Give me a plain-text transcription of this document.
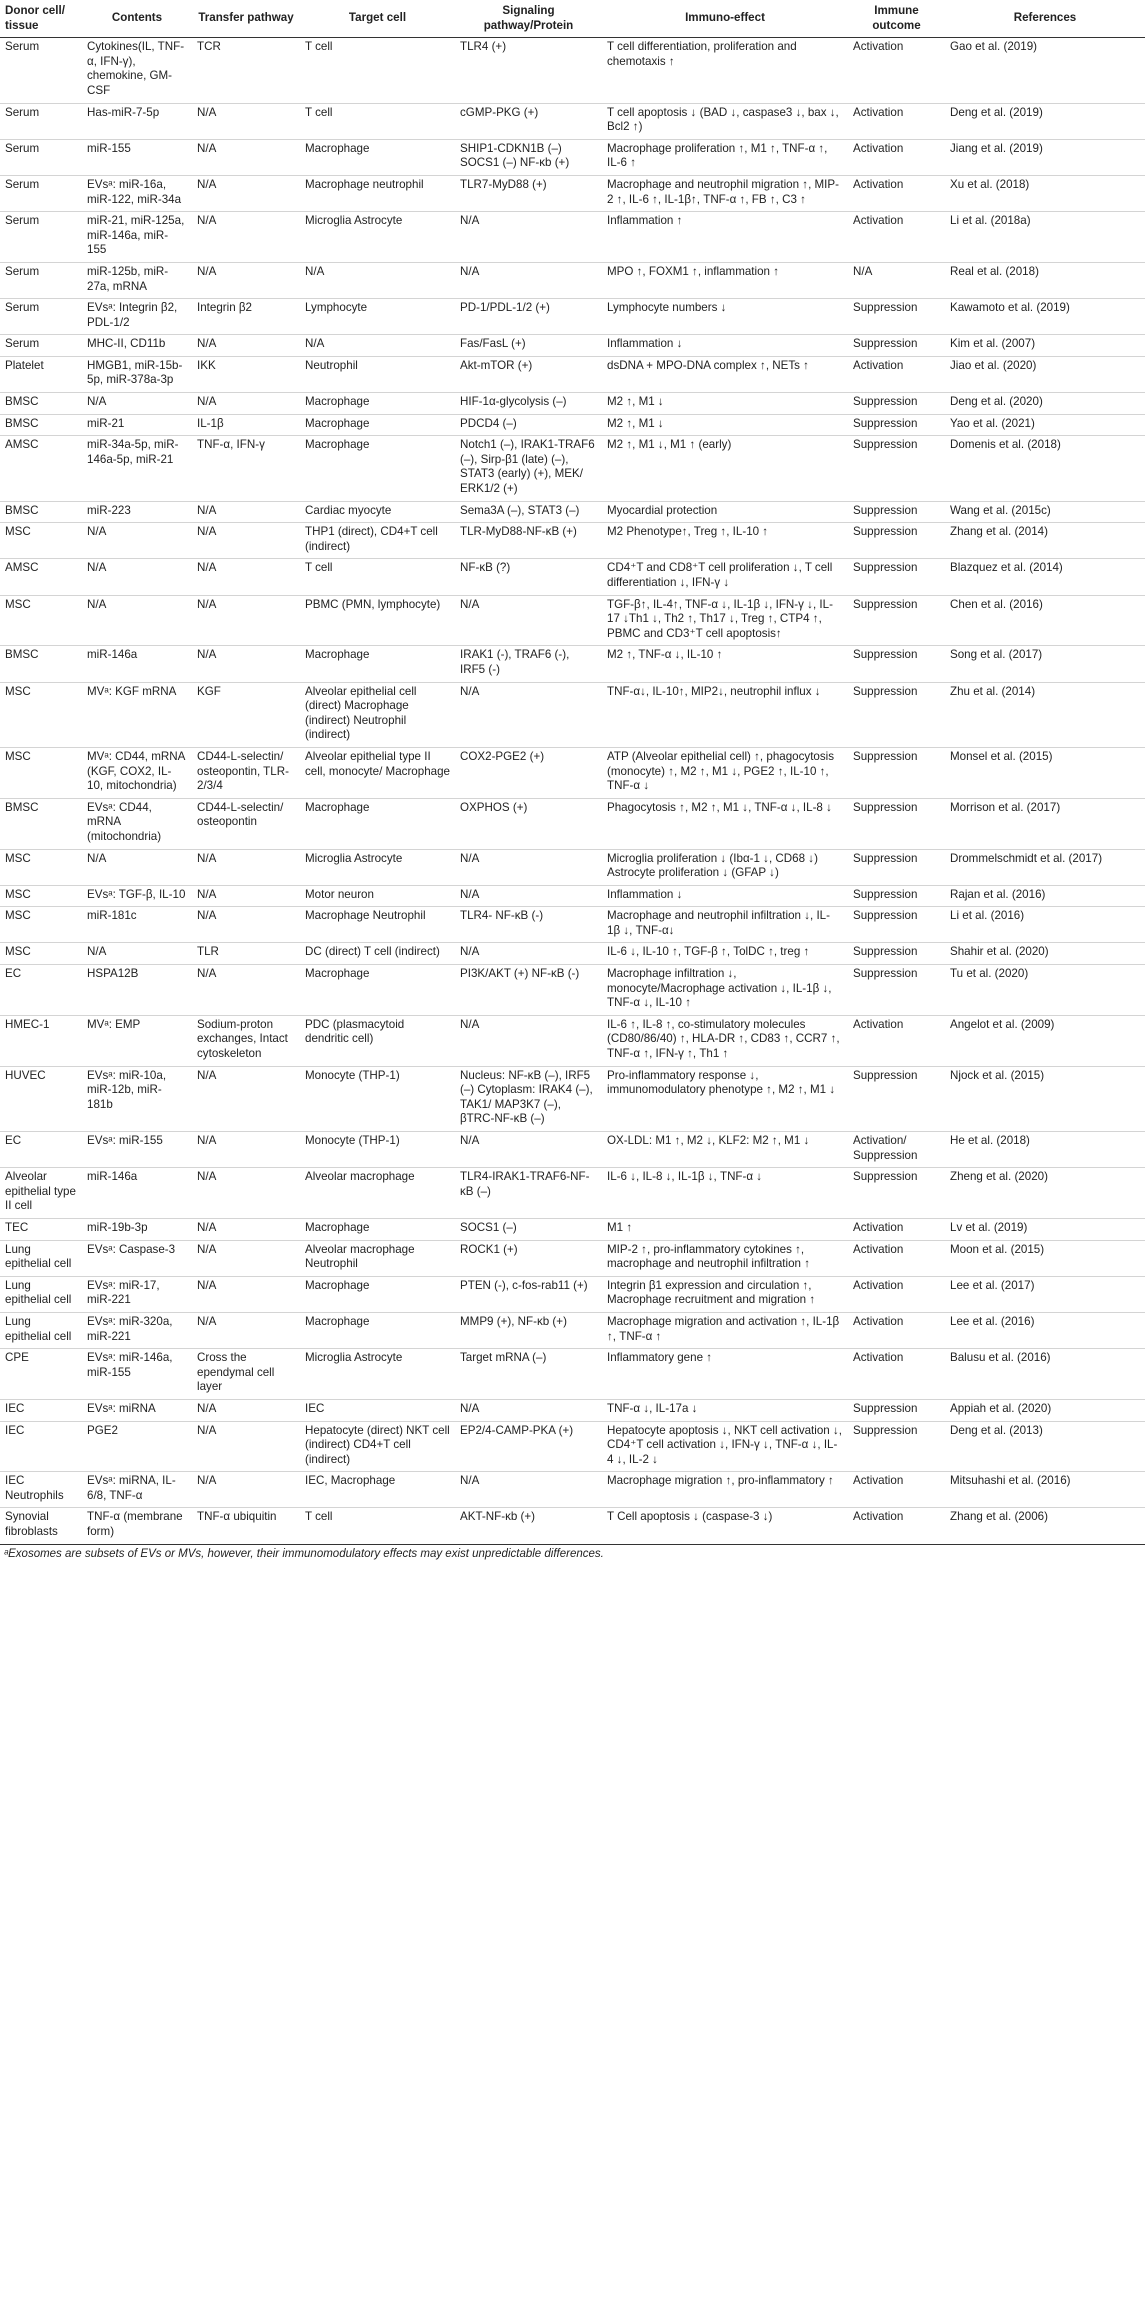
Donor cell/
tissue	Contents	Transfer pathway	Target cell	Signaling pathway/Protein	Immuno-effect	Immune outcome	References
Serum	Cytokines(IL, TNF-α, IFN-γ), chemokine, GM-CSF	TCR	T cell	TLR4 (+)	T cell differentiation, proliferation and chemotaxis ↑	Activation	Gao et al. (2019)
Serum	Has-miR-7-5p	N/A	T cell	cGMP-PKG (+)	T cell apoptosis ↓ (BAD ↓, caspase3 ↓, bax ↓, Bcl2 ↑)	Activation	Deng et al. (2019)
Serum	miR-155	N/A	Macrophage	SHIP1-CDKN1B (–) SOCS1 (–) NF-κb (+)	Macrophage proliferation ↑, M1 ↑, TNF-α ↑, IL-6 ↑	Activation	Jiang et al. (2019)
Serum	EVsᵃ: miR-16a, miR-122, miR-34a	N/A	Macrophage neutrophil	TLR7-MyD88 (+)	Macrophage and neutrophil migration ↑, MIP-2 ↑, IL-6 ↑, IL-1β↑, TNF-α ↑, FB ↑, C3 ↑	Activation	Xu et al. (2018)
Serum	miR-21, miR-125a, miR-146a, miR-155	N/A	Microglia Astrocyte	N/A	Inflammation ↑	Activation	Li et al. (2018a)
Serum	miR-125b, miR-27a, mRNA	N/A	N/A	N/A	MPO ↑, FOXM1 ↑, inflammation ↑	N/A	Real et al. (2018)
Serum	EVsᵃ: Integrin β2, PDL-1/2	Integrin β2	Lymphocyte	PD-1/PDL-1/2 (+)	Lymphocyte numbers ↓	Suppression	Kawamoto et al. (2019)
Serum	MHC-II, CD11b	N/A	N/A	Fas/FasL (+)	Inflammation ↓	Suppression	Kim et al. (2007)
Platelet	HMGB1, miR-15b-5p, miR-378a-3p	IKK	Neutrophil	Akt-mTOR (+)	dsDNA + MPO-DNA complex ↑, NETs ↑	Activation	Jiao et al. (2020)
BMSC	N/A	N/A	Macrophage	HIF-1α-glycolysis (–)	M2 ↑, M1 ↓	Suppression	Deng et al. (2020)
BMSC	miR-21	IL-1β	Macrophage	PDCD4 (–)	M2 ↑, M1 ↓	Suppression	Yao et al. (2021)
AMSC	miR-34a-5p, miR-146a-5p, miR-21	TNF-α, IFN-γ	Macrophage	Notch1 (–), IRAK1-TRAF6 (–), Sirp-β1 (late) (–), STAT3 (early) (+), MEK/ ERK1/2 (+)	M2 ↑, M1 ↓, M1 ↑ (early)	Suppression	Domenis et al. (2018)
BMSC	miR-223	N/A	Cardiac myocyte	Sema3A (–), STAT3 (–)	Myocardial protection	Suppression	Wang et al. (2015c)
MSC	N/A	N/A	THP1 (direct), CD4+T cell (indirect)	TLR-MyD88-NF-κB (+)	M2 Phenotype↑, Treg ↑, IL-10 ↑	Suppression	Zhang et al. (2014)
AMSC	N/A	N/A	T cell	NF-κB (?)	CD4⁺T and CD8⁺T cell proliferation ↓, T cell differentiation ↓, IFN-γ ↓	Suppression	Blazquez et al. (2014)
MSC	N/A	N/A	PBMC (PMN, lymphocyte)	N/A	TGF-β↑, IL-4↑, TNF-α ↓, IL-1β ↓, IFN-γ ↓, IL-17 ↓Th1 ↓, Th2 ↑, Th17 ↓, Treg ↑, CTP4 ↑, PBMC and CD3⁺T cell apoptosis↑	Suppression	Chen et al. (2016)
BMSC	miR-146a	N/A	Macrophage	IRAK1 (-), TRAF6 (-), IRF5 (-)	M2 ↑, TNF-α ↓, IL-10 ↑	Suppression	Song et al. (2017)
MSC	MVᵃ: KGF mRNA	KGF	Alveolar epithelial cell (direct) Macrophage (indirect) Neutrophil (indirect)	N/A	TNF-α↓, IL-10↑, MIP2↓, neutrophil influx ↓	Suppression	Zhu et al. (2014)
MSC	MVᵃ: CD44, mRNA (KGF, COX2, IL-10, mitochondria)	CD44-L-selectin/ osteopontin, TLR-2/3/4	Alveolar epithelial type II cell, monocyte/ Macrophage	COX2-PGE2 (+)	ATP (Alveolar epithelial cell) ↑, phagocytosis (monocyte) ↑, M2 ↑, M1 ↓, PGE2 ↑, IL-10 ↑, TNF-α ↓	Suppression	Monsel et al. (2015)
BMSC	EVsᵃ: CD44, mRNA (mitochondria)	CD44-L-selectin/ osteopontin	Macrophage	OXPHOS (+)	Phagocytosis ↑, M2 ↑, M1 ↓, TNF-α ↓, IL-8 ↓	Suppression	Morrison et al. (2017)
MSC	N/A	N/A	Microglia Astrocyte	N/A	Microglia proliferation ↓ (Ibα-1 ↓, CD68 ↓) Astrocyte proliferation ↓ (GFAP ↓)	Suppression	Drommelschmidt et al. (2017)
MSC	EVsᵃ: TGF-β, IL-10	N/A	Motor neuron	N/A	Inflammation ↓	Suppression	Rajan et al. (2016)
MSC	miR-181c	N/A	Macrophage Neutrophil	TLR4- NF-κB (-)	Macrophage and neutrophil infiltration ↓, IL-1β ↓, TNF-α↓	Suppression	Li et al. (2016)
MSC	N/A	TLR	DC (direct) T cell (indirect)	N/A	IL-6 ↓, IL-10 ↑, TGF-β ↑, TolDC ↑, treg ↑	Suppression	Shahir et al. (2020)
EC	HSPA12B	N/A	Macrophage	PI3K/AKT (+) NF-κB (-)	Macrophage infiltration ↓, monocyte/Macrophage activation ↓, IL-1β ↓, TNF-α ↓, IL-10 ↑	Suppression	Tu et al. (2020)
HMEC-1	MVᵃ: EMP	Sodium-proton exchanges, Intact cytoskeleton	PDC (plasmacytoid dendritic cell)	N/A	IL-6 ↑, IL-8 ↑, co-stimulatory molecules (CD80/86/40) ↑, HLA-DR ↑, CD83 ↑, CCR7 ↑, TNF-α ↑, IFN-γ ↑, Th1 ↑	Activation	Angelot et al. (2009)
HUVEC	EVsᵃ: miR-10a, miR-12b, miR-181b	N/A	Monocyte (THP-1)	Nucleus: NF-κB (–), IRF5 (–) Cytoplasm: IRAK4 (–), TAK1/ MAP3K7 (–), βTRC-NF-κB (–)	Pro-inflammatory response ↓, immunomodulatory phenotype ↑, M2 ↑, M1 ↓	Suppression	Njock et al. (2015)
EC	EVsᵃ: miR-155	N/A	Monocyte (THP-1)	N/A	OX-LDL: M1 ↑, M2 ↓, KLF2: M2 ↑, M1 ↓	Activation/ Suppression	He et al. (2018)
Alveolar epithelial type II cell	miR-146a	N/A	Alveolar macrophage	TLR4-IRAK1-TRAF6-NF-κB (–)	IL-6 ↓, IL-8 ↓, IL-1β ↓, TNF-α ↓	Suppression	Zheng et al. (2020)
TEC	miR-19b-3p	N/A	Macrophage	SOCS1 (–)	M1 ↑	Activation	Lv et al. (2019)
Lung epithelial cell	EVsᵃ: Caspase-3	N/A	Alveolar macrophage Neutrophil	ROCK1 (+)	MIP-2 ↑, pro-inflammatory cytokines ↑, macrophage and neutrophil infiltration ↑	Activation	Moon et al. (2015)
Lung epithelial cell	EVsᵃ: miR-17, miR-221	N/A	Macrophage	PTEN (-), c-fos-rab11 (+)	Integrin β1 expression and circulation ↑, Macrophage recruitment and migration ↑	Activation	Lee et al. (2017)
Lung epithelial cell	EVsᵃ: miR-320a, miR-221	N/A	Macrophage	MMP9 (+), NF-κb (+)	Macrophage migration and activation ↑, IL-1β ↑, TNF-α ↑	Activation	Lee et al. (2016)
CPE	EVsᵃ: miR-146a, miR-155	Cross the ependymal cell layer	Microglia Astrocyte	Target mRNA (–)	Inflammatory gene ↑	Activation	Balusu et al. (2016)
IEC	EVsᵃ: miRNA	N/A	IEC	N/A	TNF-α ↓, IL-17a ↓	Suppression	Appiah et al. (2020)
IEC	PGE2	N/A	Hepatocyte (direct) NKT cell (indirect) CD4+T cell (indirect)	EP2/4-CAMP-PKA (+)	Hepatocyte apoptosis ↓, NKT cell activation ↓, CD4⁺T cell activation ↓, IFN-γ ↓, TNF-α ↓, IL-4 ↓, IL-2 ↓	Suppression	Deng et al. (2013)
IEC Neutrophils	EVsᵃ: miRNA, IL-6/8, TNF-α	N/A	IEC, Macrophage	N/A	Macrophage migration ↑, pro-inflammatory ↑	Activation	Mitsuhashi et al. (2016)
Synovial fibroblasts	TNF-α (membrane form)	TNF-α ubiquitin	T cell	AKT-NF-κb (+)	T Cell apoptosis ↓ (caspase-3 ↓)	Activation	Zhang et al. (2006)
ᵃExosomes are subsets of EVs or MVs, however, their immunomodulatory effects may exist unpredictable differences.
